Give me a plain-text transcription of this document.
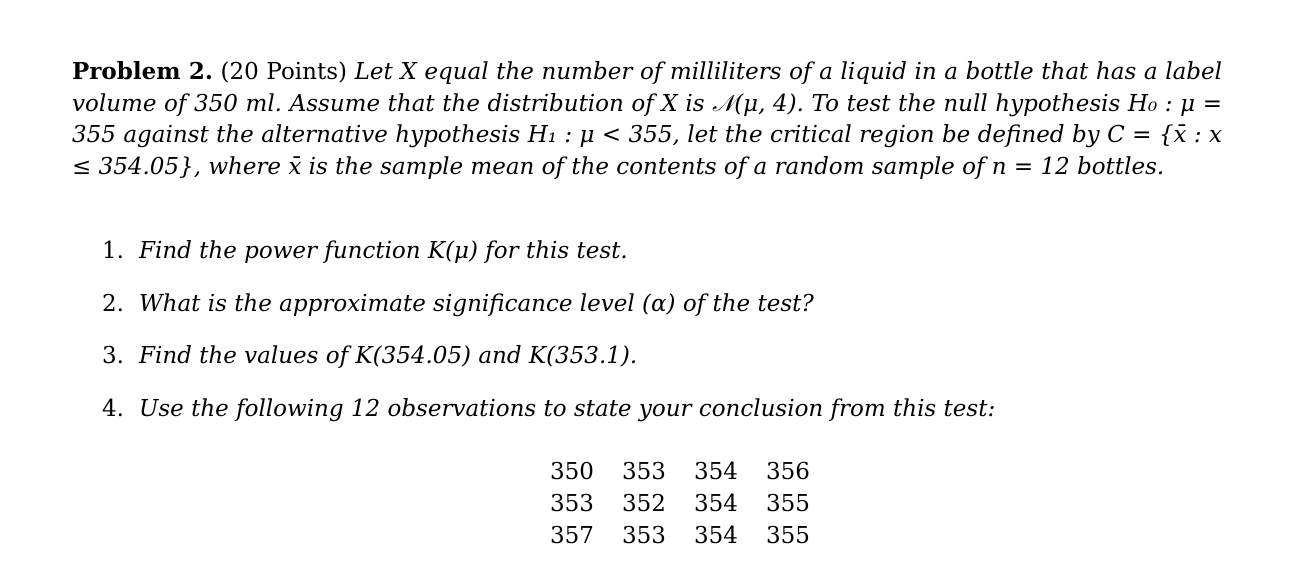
Problem 2. (20 Points) Let X equal the number of milliliters of a liquid in a bottle that has a label volume of 350 ml. Assume that the distribution of X is 𝒩(μ, 4). To test the null hypothesis H₀ : μ = 355 against the alternative hypothesis H₁ : μ < 355, let the critical region be defined by C = {x̄ : x ≤ 354.05}, where x̄ is the sample mean of the contents of a random sample of n = 12 bottles.

1. Find the power function K(μ) for this test.
2. What is the approximate significance level (α) of the test?
3. Find the values of K(354.05) and K(353.1).
4. Use the following 12 observations to state your conclusion from this test:
350	353	354	356
353	352	354	355
357	353	354	355
